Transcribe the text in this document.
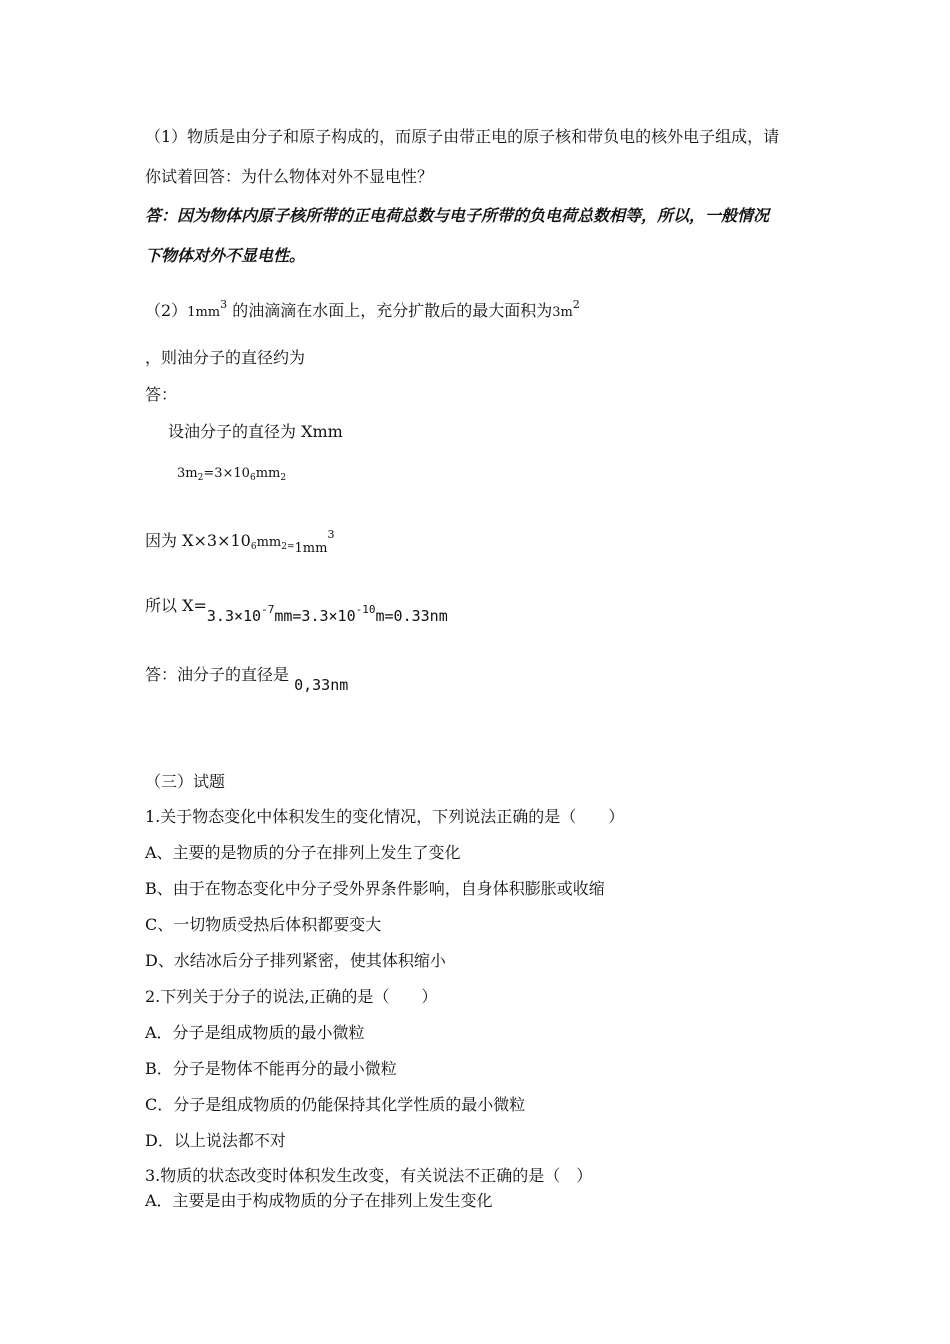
（1）物质是由分子和原子构成的，而原子由带正电的原子核和带负电的核外电子组成，请
你试着回答：为什么物体对外不显电性？
答：因为物体内原子核所带的正电荷总数与电子所带的负电荷总数相等，所以，一般情况
下物体对外不显电性。
$(2)1mm^3$ 的油滴滴在水面上，充分扩散后的最大面积为$3m^2$
，则油分子的直径约为
答：
设油分子的直径为 Xmm
$3m_2=3\times 10_6mm_2$
因为 $X\times 3\times 10_6mm_{2=1mm}^3$
所以 $X=3.3\times 10^{-7}mm=3.3\times 10^{-10}m=0.33nm$
答：油分子的直径是 0,33nm
（三）试题
1.关于物态变化中体积发生的变化情况，下列说法正确的是（　　）
A、主要的是物质的分子在排列上发生了变化
B、由于在物态变化中分子受外界条件影响，自身体积膨胀或收缩
C、一切物质受热后体积都要变大
D、水结冰后分子排列紧密，使其体积缩小
2.下列关于分子的说法,正确的是（　　）
A．分子是组成物质的最小微粒
B．分子是物体不能再分的最小微粒
C．分子是组成物质的仍能保持其化学性质的最小微粒
D．以上说法都不对
3.物质的状态改变时体积发生改变，有关说法不正确的是（　）
A．主要是由于构成物质的分子在排列上发生变化
